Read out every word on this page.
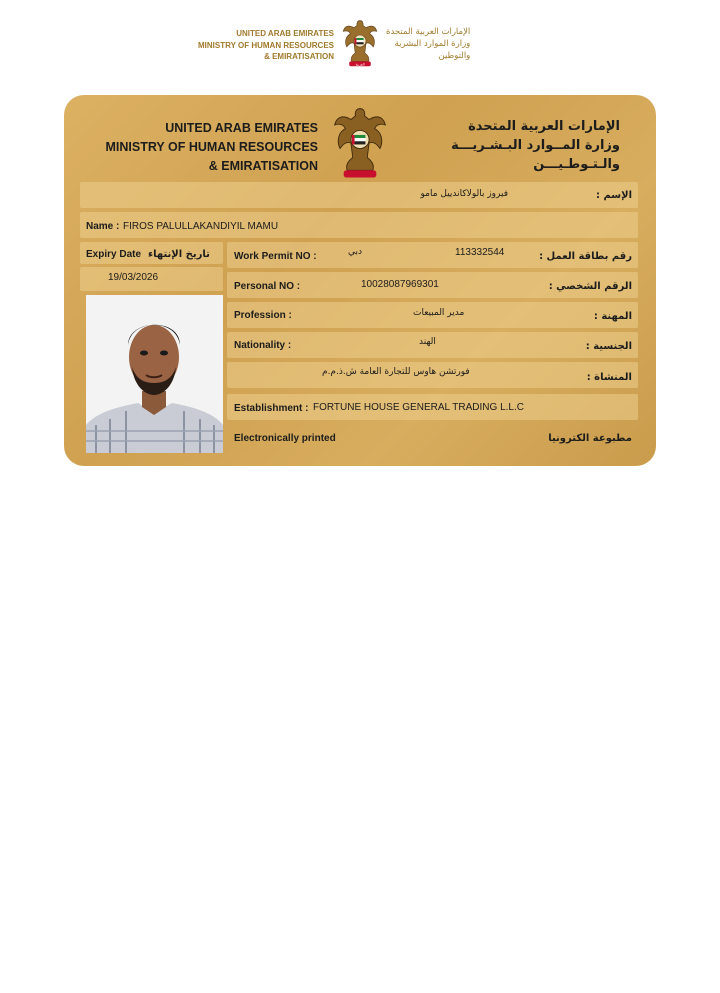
UNITED ARAB EMIRATES
MINISTRY OF HUMAN RESOURCES
& EMIRATISATION
العربية
الإمارات العربية المتحدة
وزارة الموارد البشرية
والتوطين
UNITED ARAB EMIRATES
MINISTRY OF HUMAN RESOURCES
& EMIRATISATION
الإمارات العربية المتحدة
وزارة المــوارد البـشـريـــة
والـتـوطـيـــن
فيروز بالولاكاندييل مامو	الإسم :
Name : FIROS PALULLAKANDIYIL MAMU
Expiry Date تاريخ الإنتهاء
19/03/2026
Work Permit NO :	دبي	113332544	رقم بطاقة العمل :
Personal NO :	10028087969301	الرقم الشخصي :
Profession :	مدير المبيعات	المهنة :
Nationality :	الهند	الجنسية :
فورتشن هاوس للتجارة العامة ش.ذ.م.م	المنشاة :
Establishment : FORTUNE HOUSE GENERAL TRADING L.L.C
Electronically printed	مطبوعة الكترونيا
